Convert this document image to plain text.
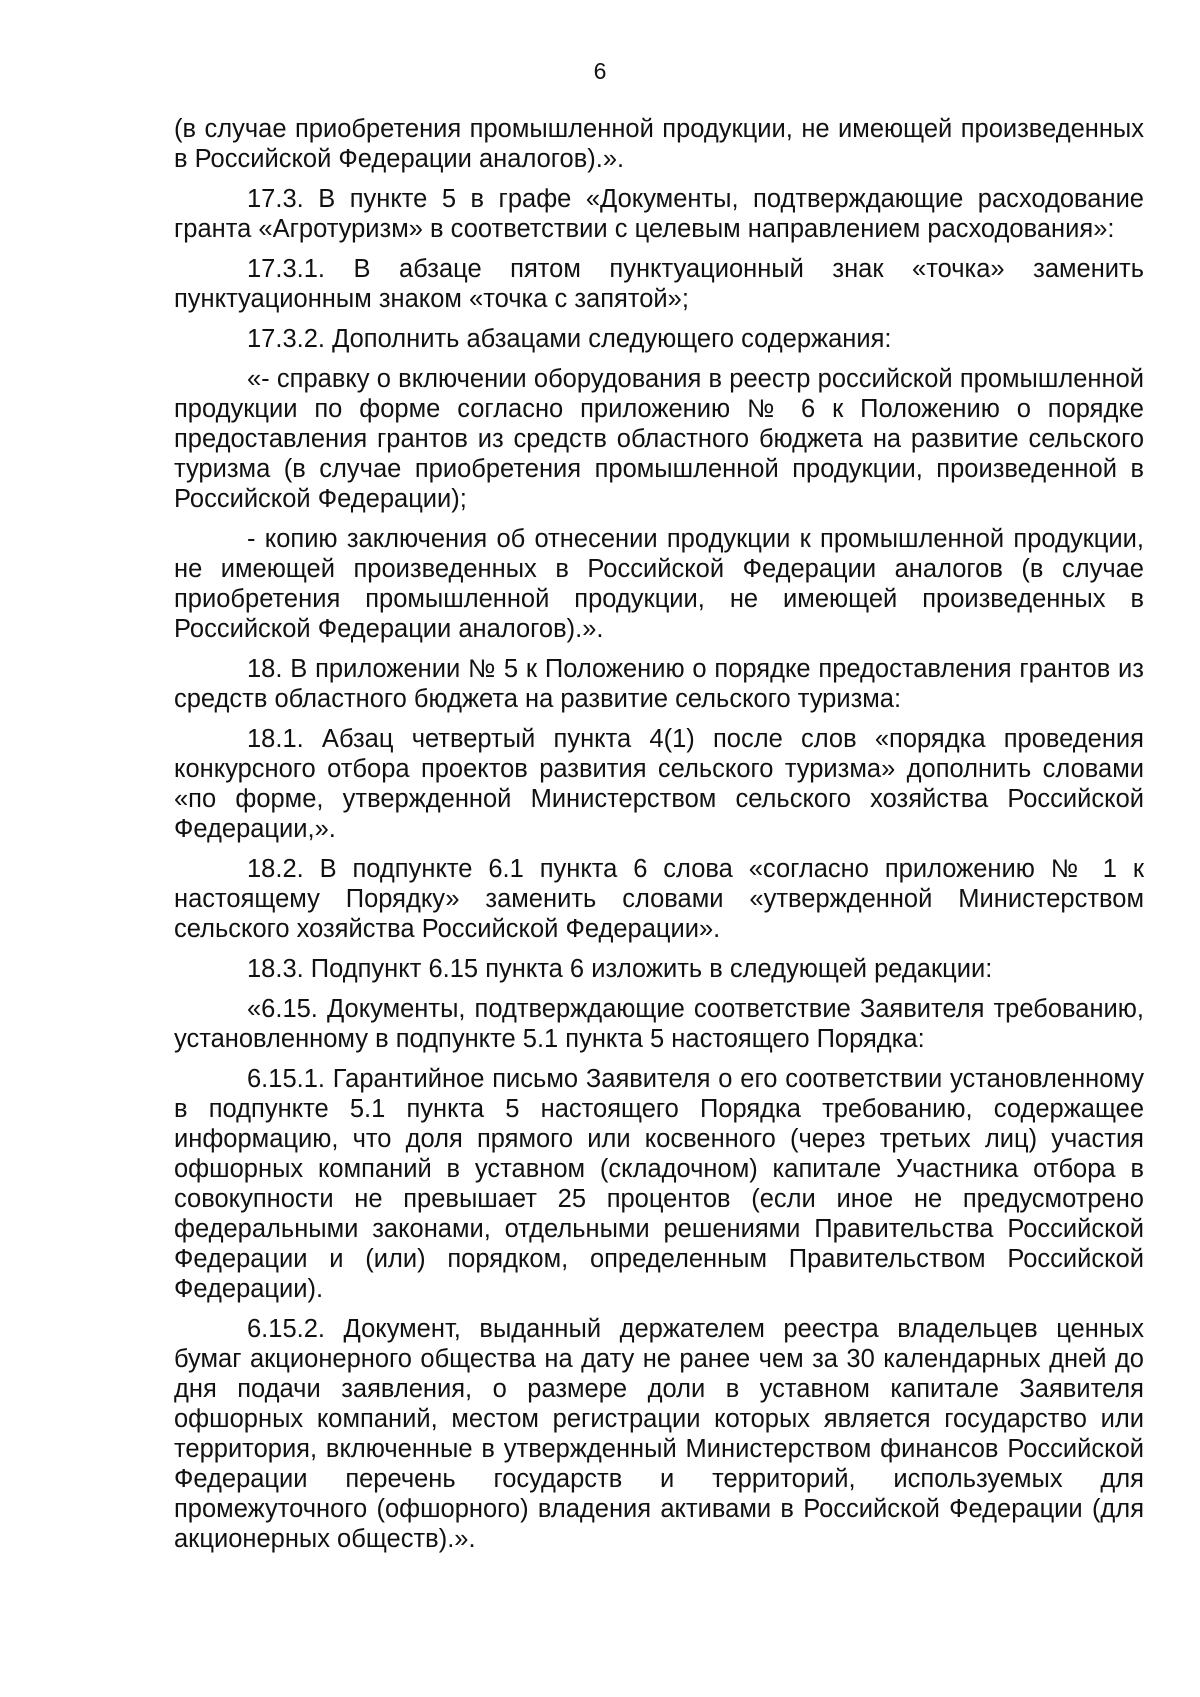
6

(в случае приобретения промышленной продукции, не имеющей произведенных в Российской Федерации аналогов).».

17.3. В пункте 5 в графе «Документы, подтверждающие расходование гранта «Агротуризм» в соответствии с целевым направлением расходования»:

17.3.1. В абзаце пятом пунктуационный знак «точка» заменить пунктуационным знаком «точка с запятой»;

17.3.2. Дополнить абзацами следующего содержания:

«- справку о включении оборудования в реестр российской промышленной продукции по форме согласно приложению № 6 к Положению о порядке предоставления грантов из средств областного бюджета на развитие сельского туризма (в случае приобретения промышленной продукции, произведенной в Российской Федерации);

- копию заключения об отнесении продукции к промышленной продукции, не имеющей произведенных в Российской Федерации аналогов (в случае приобретения промышленной продукции, не имеющей произведенных в Российской Федерации аналогов).».

18. В приложении № 5 к Положению о порядке предоставления грантов из средств областного бюджета на развитие сельского туризма:

18.1. Абзац четвертый пункта 4(1) после слов «порядка проведения конкурсного отбора проектов развития сельского туризма» дополнить словами «по форме, утвержденной Министерством сельского хозяйства Российской Федерации,».

18.2. В подпункте 6.1 пункта 6 слова «согласно приложению № 1 к настоящему Порядку» заменить словами «утвержденной Министерством сельского хозяйства Российской Федерации».

18.3. Подпункт 6.15 пункта 6 изложить в следующей редакции:

«6.15. Документы, подтверждающие соответствие Заявителя требованию, установленному в подпункте 5.1 пункта 5 настоящего Порядка:

6.15.1. Гарантийное письмо Заявителя о его соответствии установленному в подпункте 5.1 пункта 5 настоящего Порядка требованию, содержащее информацию, что доля прямого или косвенного (через третьих лиц) участия офшорных компаний в уставном (складочном) капитале Участника отбора в совокупности не превышает 25 процентов (если иное не предусмотрено федеральными законами, отдельными решениями Правительства Российской Федерации и (или) порядком, определенным Правительством Российской Федерации).

6.15.2. Документ, выданный держателем реестра владельцев ценных бумаг акционерного общества на дату не ранее чем за 30 календарных дней до дня подачи заявления, о размере доли в уставном капитале Заявителя офшорных компаний, местом регистрации которых является государство или территория, включенные в утвержденный Министерством финансов Российской Федерации перечень государств и территорий, используемых для промежуточного (офшорного) владения активами в Российской Федерации (для акционерных обществ).».
